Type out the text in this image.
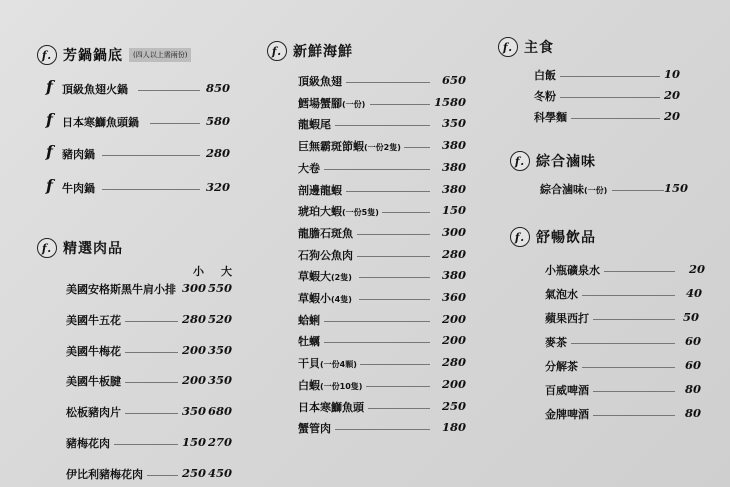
f. 芳鍋鍋底	(四人以上需兩份)
f. 精選肉品
小 大
f. 新鮮海鮮	f. 主食
f. 綜合滷味
f. 舒暢飲品
f 頂級魚翅火鍋	850
f 日本寒鰤魚頭鍋	580
f 豬肉鍋	280
f 牛肉鍋	320
美國安格斯黑牛肩小排 300 550
美國牛五花	280 520
美國牛梅花	200 350
美國牛板腱	200 350
松板豬肉片	350 680
豬梅花肉	150 270
伊比利豬梅花肉	250 450
頂級魚翅	650
鱈場蟹腳(一份)	1580
龍蝦尾	350
巨無霸斑節蝦(一份2隻)	380
大卷	380
剖邊龍蝦	380
琥珀大蝦(一份5隻)	150
龍膽石斑魚	300
石狗公魚肉	280
草蝦大(2隻)	380
草蝦小(4隻)	360
蛤蜊	200
牡蠣	200
干貝(一份4顆)	280
白蝦(一份10隻)	200
日本寒鰤魚頭	250
蟹管肉	180
白飯	10
冬粉	20
科學麵	20
綜合滷味(一份)	150
小瓶礦泉水	20
氣泡水	40
蘋果西打	50
麥茶	60
分解茶	60
百威啤酒	80
金牌啤酒	80
